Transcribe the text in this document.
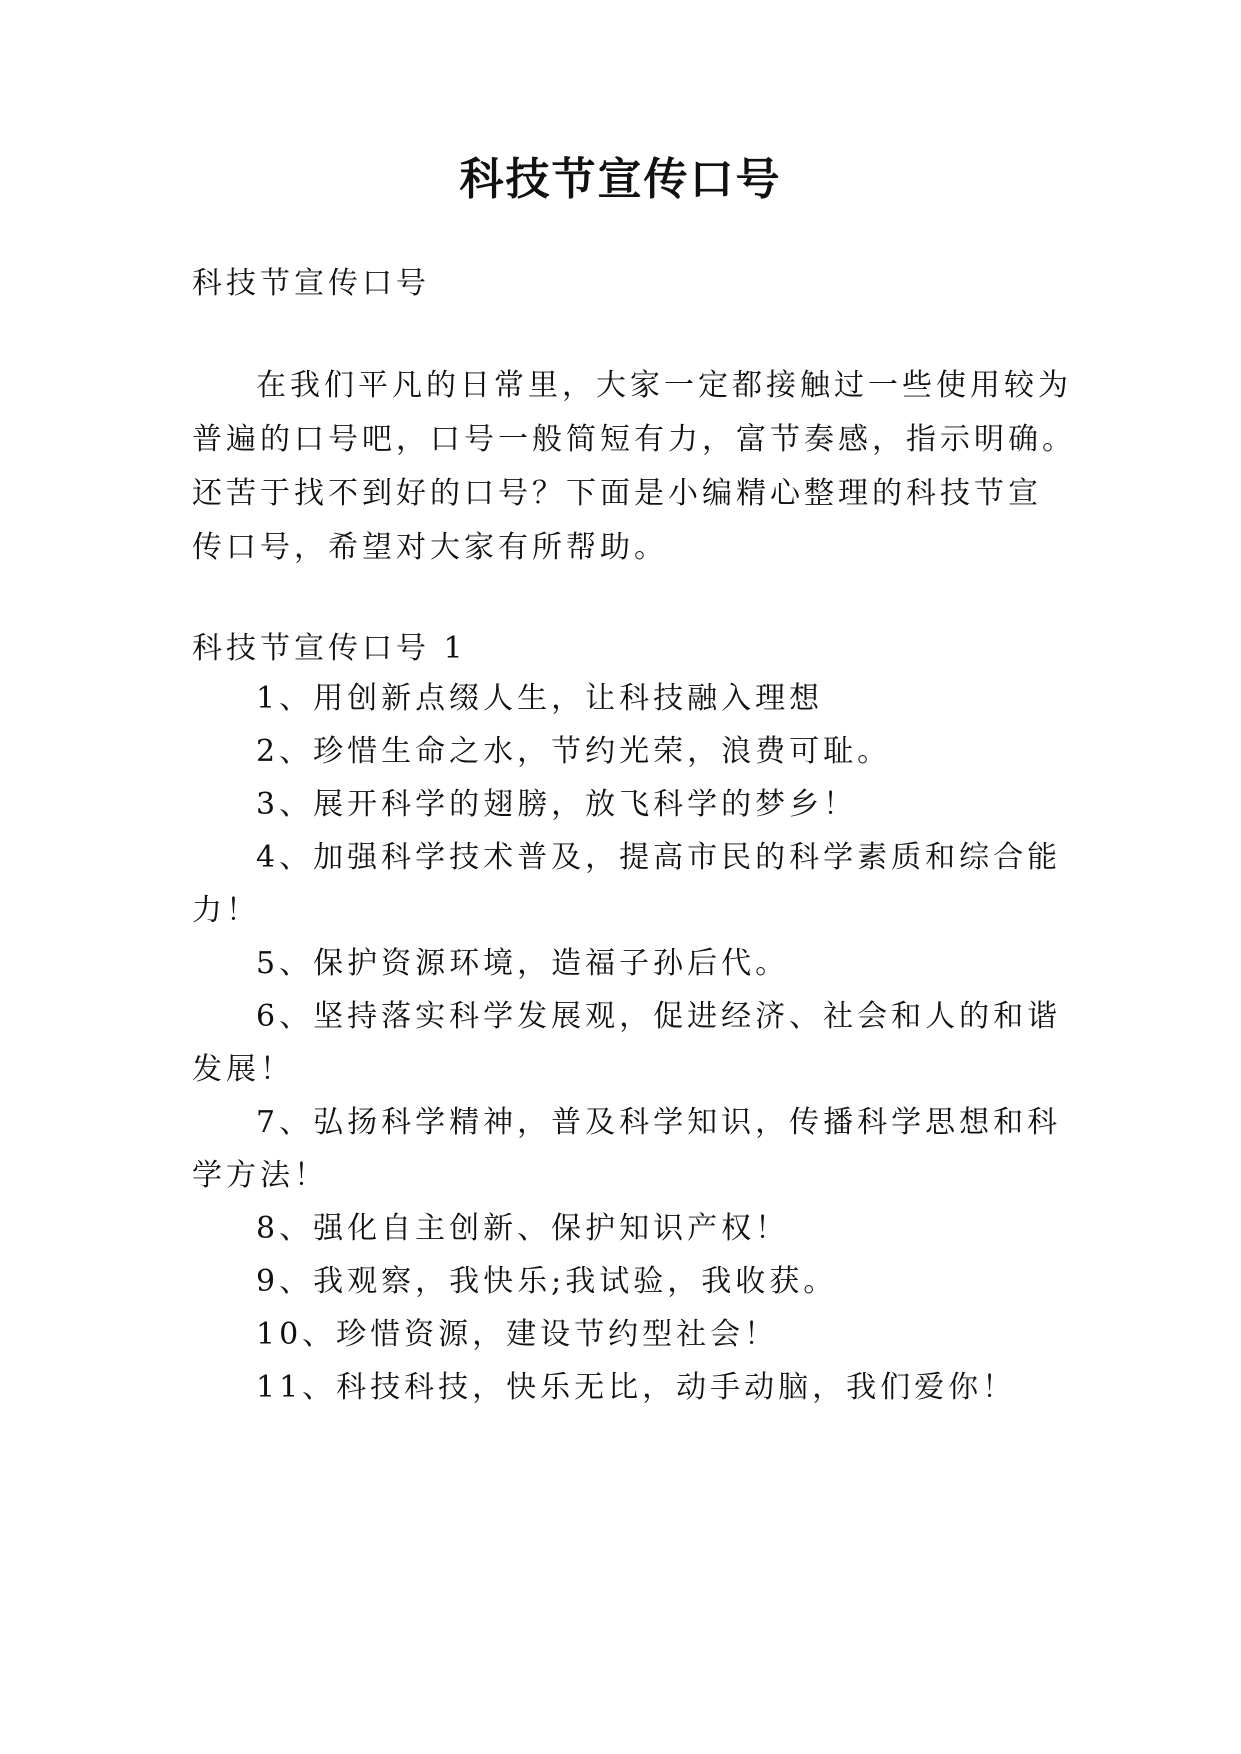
科技节宣传口号

科技节宣传口号

在我们平凡的日常里，大家一定都接触过一些使用较为

普遍的口号吧，口号一般简短有力，富节奏感，指示明确。

还苦于找不到好的口号？下面是小编精心整理的科技节宣

传口号，希望对大家有所帮助。

科技节宣传口号 1

1、用创新点缀人生，让科技融入理想

2、珍惜生命之水，节约光荣，浪费可耻。

3、展开科学的翅膀，放飞科学的梦乡！

4、加强科学技术普及，提高市民的科学素质和综合能

力！

5、保护资源环境，造福子孙后代。

6、坚持落实科学发展观，促进经济、社会和人的和谐

发展！

7、弘扬科学精神，普及科学知识，传播科学思想和科

学方法！

8、强化自主创新、保护知识产权！

9、我观察，我快乐;我试验，我收获。

10、珍惜资源，建设节约型社会！

11、科技科技，快乐无比，动手动脑，我们爱你！
